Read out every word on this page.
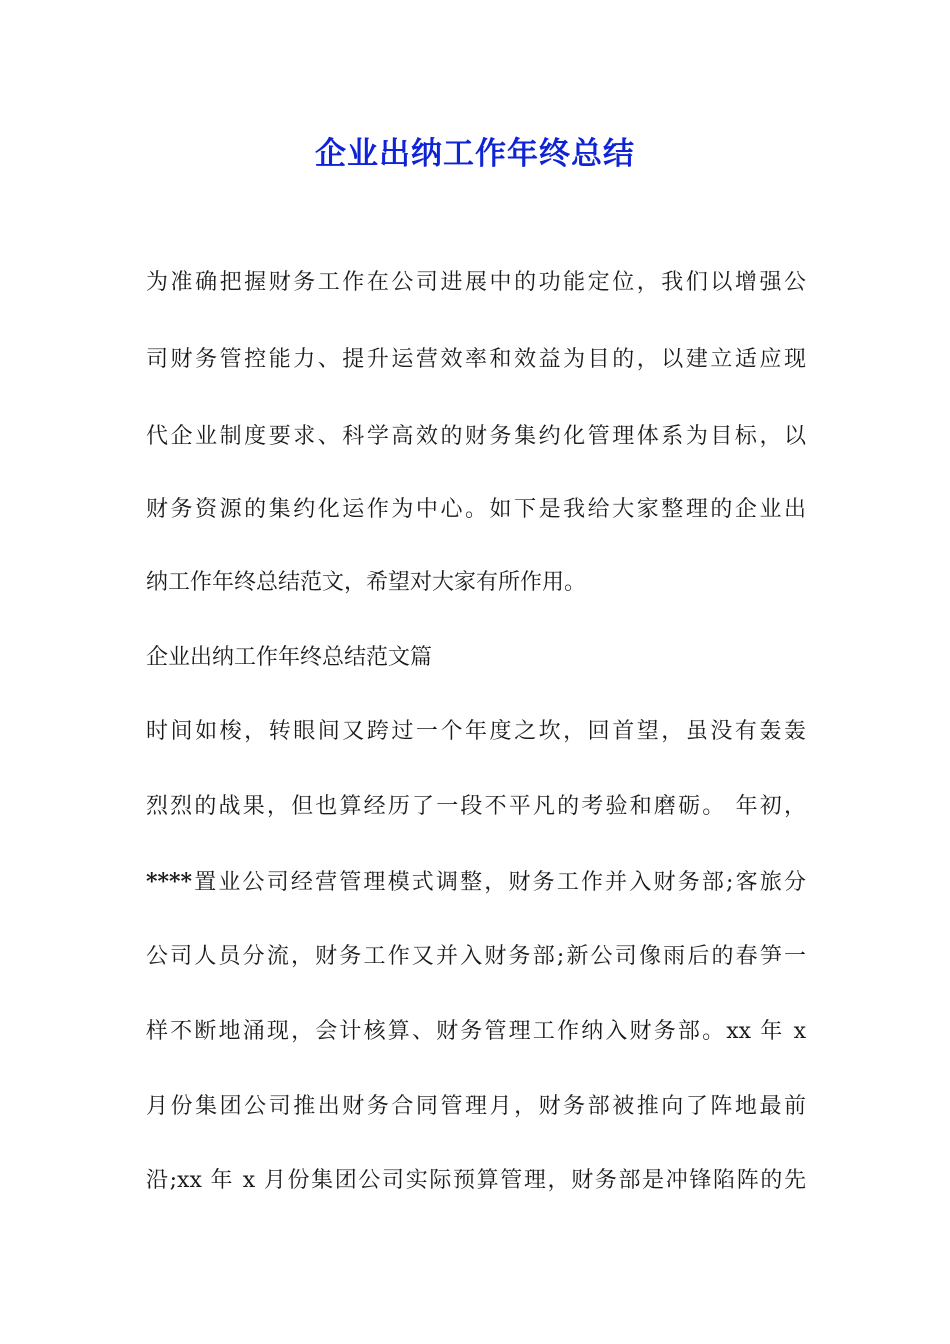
企业出纳工作年终总结

为准确把握财务工作在公司进展中的功能定位，我们以增强公

司财务管控能力、提升运营效率和效益为目的，以建立适应现

代企业制度要求、科学高效的财务集约化管理体系为目标，以

财务资源的集约化运作为中心。如下是我给大家整理的企业出

纳工作年终总结范文，希望对大家有所作用。

企业出纳工作年终总结范文篇

时间如梭，转眼间又跨过一个年度之坎，回首望，虽没有轰轰

烈烈的战果，但也算经历了一段不平凡的考验和磨砺。 年初，

****置业公司经营管理模式调整，财务工作并入财务部;客旅分

公司人员分流，财务工作又并入财务部;新公司像雨后的春笋一

样不断地涌现，会计核算、财务管理工作纳入财务部。xx 年 x

月份集团公司推出财务合同管理月，财务部被推向了阵地最前

沿;xx 年 x 月份集团公司实际预算管理，财务部是冲锋陷阵的先
